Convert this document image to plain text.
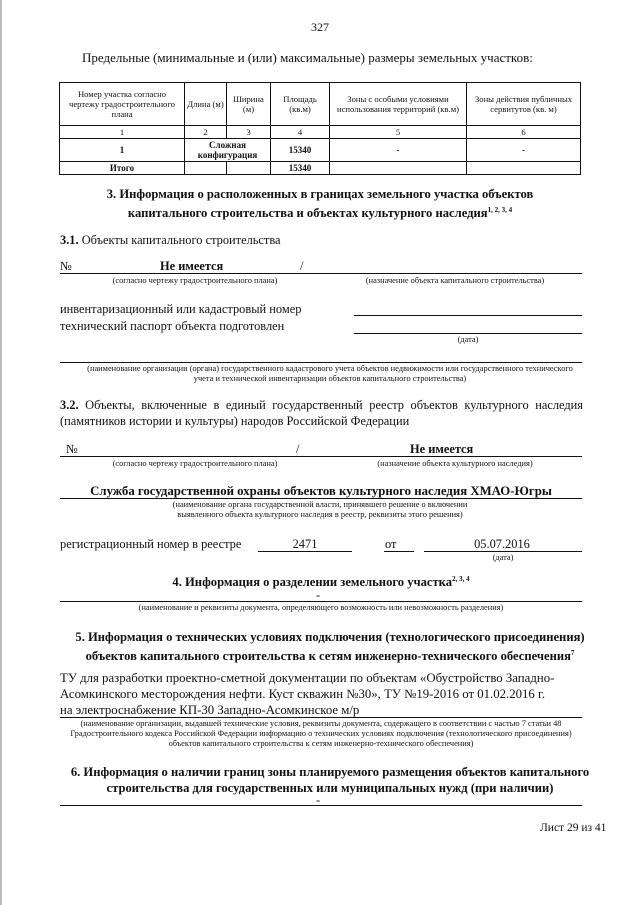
327
Предельные (минимальные и (или) максимальные) размеры земельных участков:
Номер участка согласно чертежу градостроительного плана	Длина (м)	Ширина (м)	Площадь (кв.м)	Зоны с особыми условиями использования территорий (кв.м)	Зоны действия публичных сервитутов (кв. м)
1	2	3	4	5	6
1	Сложная конфигурация		15340	-	-
Итого			15340		
3. Информация о расположенных в границах земельного участка объектов капитального строительства и объектах культурного наследия$^{1, 2, 3, 4}$
3.1. Объекты капитального строительства
№	Не имеется	/
(согласно чертежу градостроительного плана)	(назначение объекта капитального строительства)
инвентаризационный или кадастровый номер
технический паспорт объекта подготовлен
(дата)
(наименование организации (органа) государственного кадастрового учета объектов недвижимости или государственного технического учета и технической инвентаризации объектов капитального строительства)
3.2. Объекты, включенные в единый государственный реестр объектов культурного наследия (памятников истории и культуры) народов Российской Федерации
№	/	Не имеется
(согласно чертежу градостроительного плана)	(назначение объекта культурного наследия)
Служба государственной охраны объектов культурного наследия ХМАО-Югры
(наименование органа государственной власти, принявшего решение о включении выявленного объекта культурного наследия в реестр, реквизиты этого решения)
регистрационный номер в реестре	2471	от	05.07.2016
(дата)
4. Информация о разделении земельного участка$^{2, 3, 4}$
-
(наименование и реквизиты документа, определяющего возможность или невозможность разделения)
5. Информация о технических условиях подключения (технологического присоединения)
объектов капитального строительства к сетям инженерно-технического обеспечения$^7$
ТУ для разработки проектно-сметной документации по объектам «Обустройство Западно-
Асомкинского месторождения нефти. Куст скважин №30», ТУ №19-2016 от 01.02.2016 г.
на электроснабжение КП-30 Западно-Асомкинское м/р
(наименование организации, выдавшей технические условия, реквизиты документа, содержащего в соответствии с частью 7 статьи 48 Градостроительного кодекса Российской Федерации информацию о технических условиях подключения (технологического присоединения) объектов капитального строительства к сетям инженерно-технического обеспечения)
6. Информация о наличии границ зоны планируемого размещения объектов капитального
строительства для государственных или муниципальных нужд (при наличии)
-
Лист 29 из 41
